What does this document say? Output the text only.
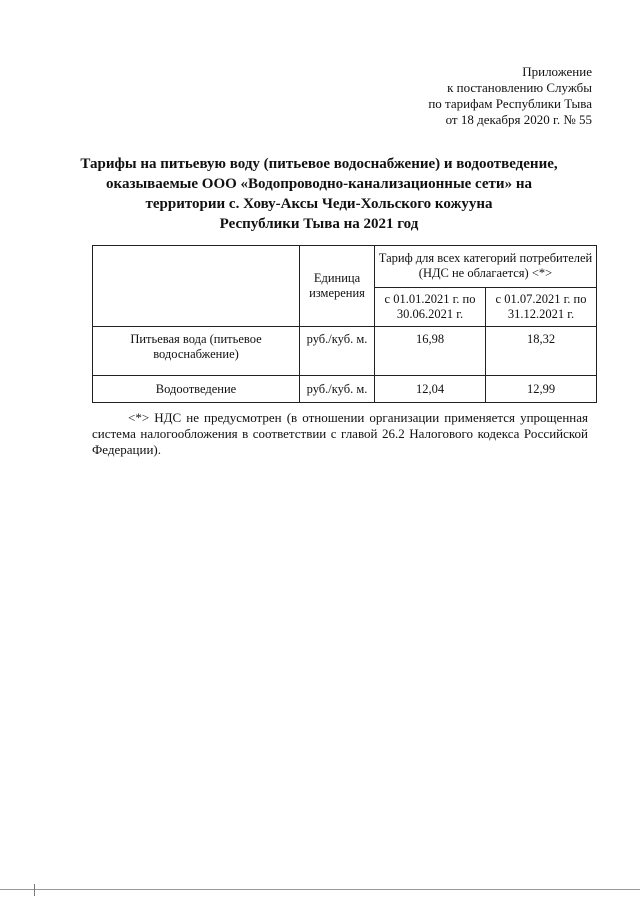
Приложение
к постановлению Службы
по тарифам Республики Тыва
от 18 декабря 2020 г. № 55
Тарифы на питьевую воду (питьевое водоснабжение) и водоотведение,
оказываемые ООО «Водопроводно-канализационные сети» на
территории с. Хову-Аксы Чеди-Хольского кожууна
Республики Тыва на 2021 год
	Единица измерения	Тариф для всех категорий потребителей (НДС не облагается) <*>	
		с 01.01.2021 г. по 30.06.2021 г.	с 01.07.2021 г. по 31.12.2021 г.
Питьевая вода (питьевое водоснабжение)	руб./куб. м.	16,98	18,32
Водоотведение	руб./куб. м.	12,04	12,99
<*> НДС не предусмотрен (в отношении организации применяется упрощенная система налогообложения в соответствии с главой 26.2 Налогового кодекса Российской Федерации).
